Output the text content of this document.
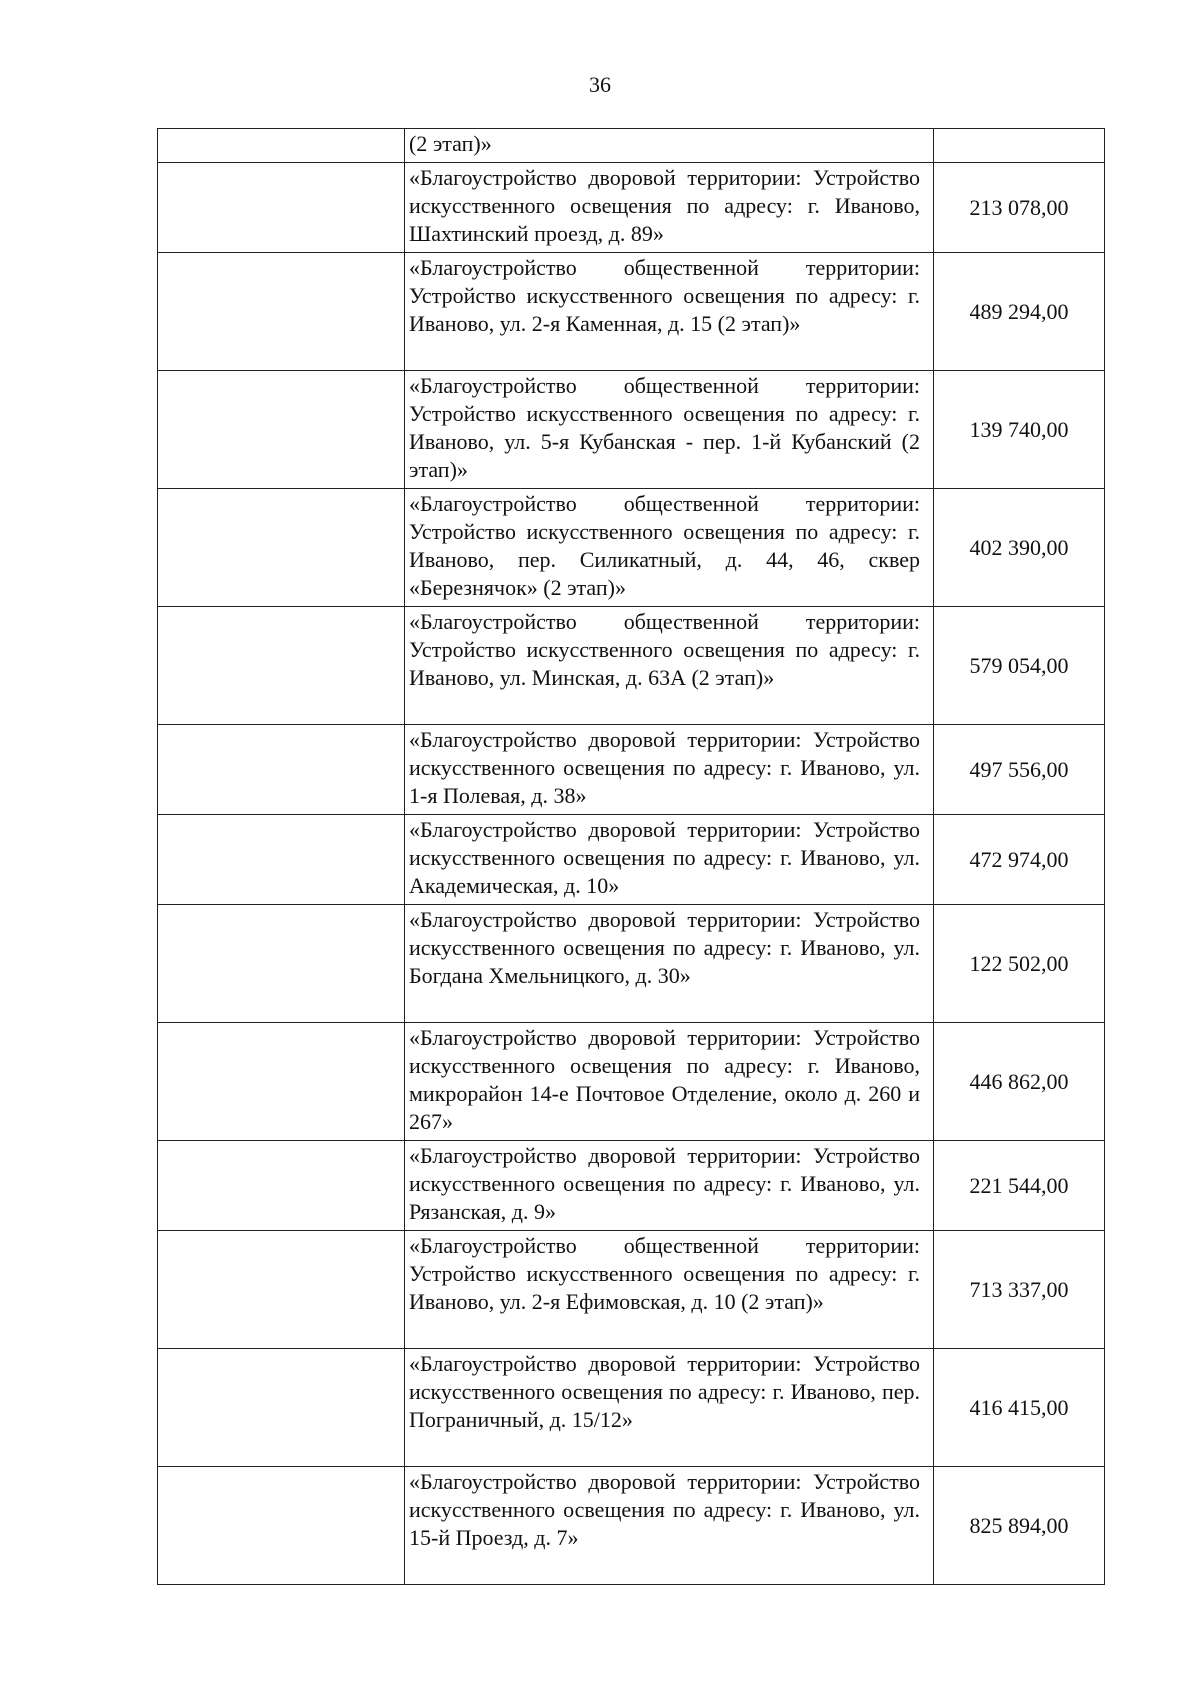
36
	(2 этап)»	
	«Благоустройство дворовой территории: Устройство искусственного освещения по адресу: г. Иваново, Шахтинский проезд, д. 89»	213 078,00
	«Благоустройство общественной территории: Устройство искусственного освещения по адресу: г. Иваново, ул. 2-я Каменная, д. 15 (2 этап)»	489 294,00
	«Благоустройство общественной территории: Устройство искусственного освещения по адресу: г. Иваново, ул. 5-я Кубанская - пер. 1-й Кубанский (2 этап)»	139 740,00
	«Благоустройство общественной территории: Устройство искусственного освещения по адресу: г. Иваново, пер. Силикатный, д. 44, 46, сквер «Березнячок» (2 этап)»	402 390,00
	«Благоустройство общественной территории: Устройство искусственного освещения по адресу: г. Иваново, ул. Минская, д. 63А (2 этап)»	579 054,00
	«Благоустройство дворовой территории: Устройство искусственного освещения по адресу: г. Иваново, ул. 1-я Полевая, д. 38»	497 556,00
	«Благоустройство дворовой территории: Устройство искусственного освещения по адресу: г. Иваново, ул. Академическая, д. 10»	472 974,00
	«Благоустройство дворовой территории: Устройство искусственного освещения по адресу: г. Иваново, ул. Богдана Хмельницкого, д. 30»	122 502,00
	«Благоустройство дворовой территории: Устройство искусственного освещения по адресу: г. Иваново, микрорайон 14-е Почтовое Отделение, около д. 260 и 267»	446 862,00
	«Благоустройство дворовой территории: Устройство искусственного освещения по адресу: г. Иваново, ул. Рязанская, д. 9»	221 544,00
	«Благоустройство общественной территории: Устройство искусственного освещения по адресу: г. Иваново, ул. 2-я Ефимовская, д. 10 (2 этап)»	713 337,00
	«Благоустройство дворовой территории: Устройство искусственного освещения по адресу: г. Иваново, пер. Пограничный, д. 15/12»	416 415,00
	«Благоустройство дворовой территории: Устройство искусственного освещения по адресу: г. Иваново, ул. 15-й Проезд, д. 7»	825 894,00
